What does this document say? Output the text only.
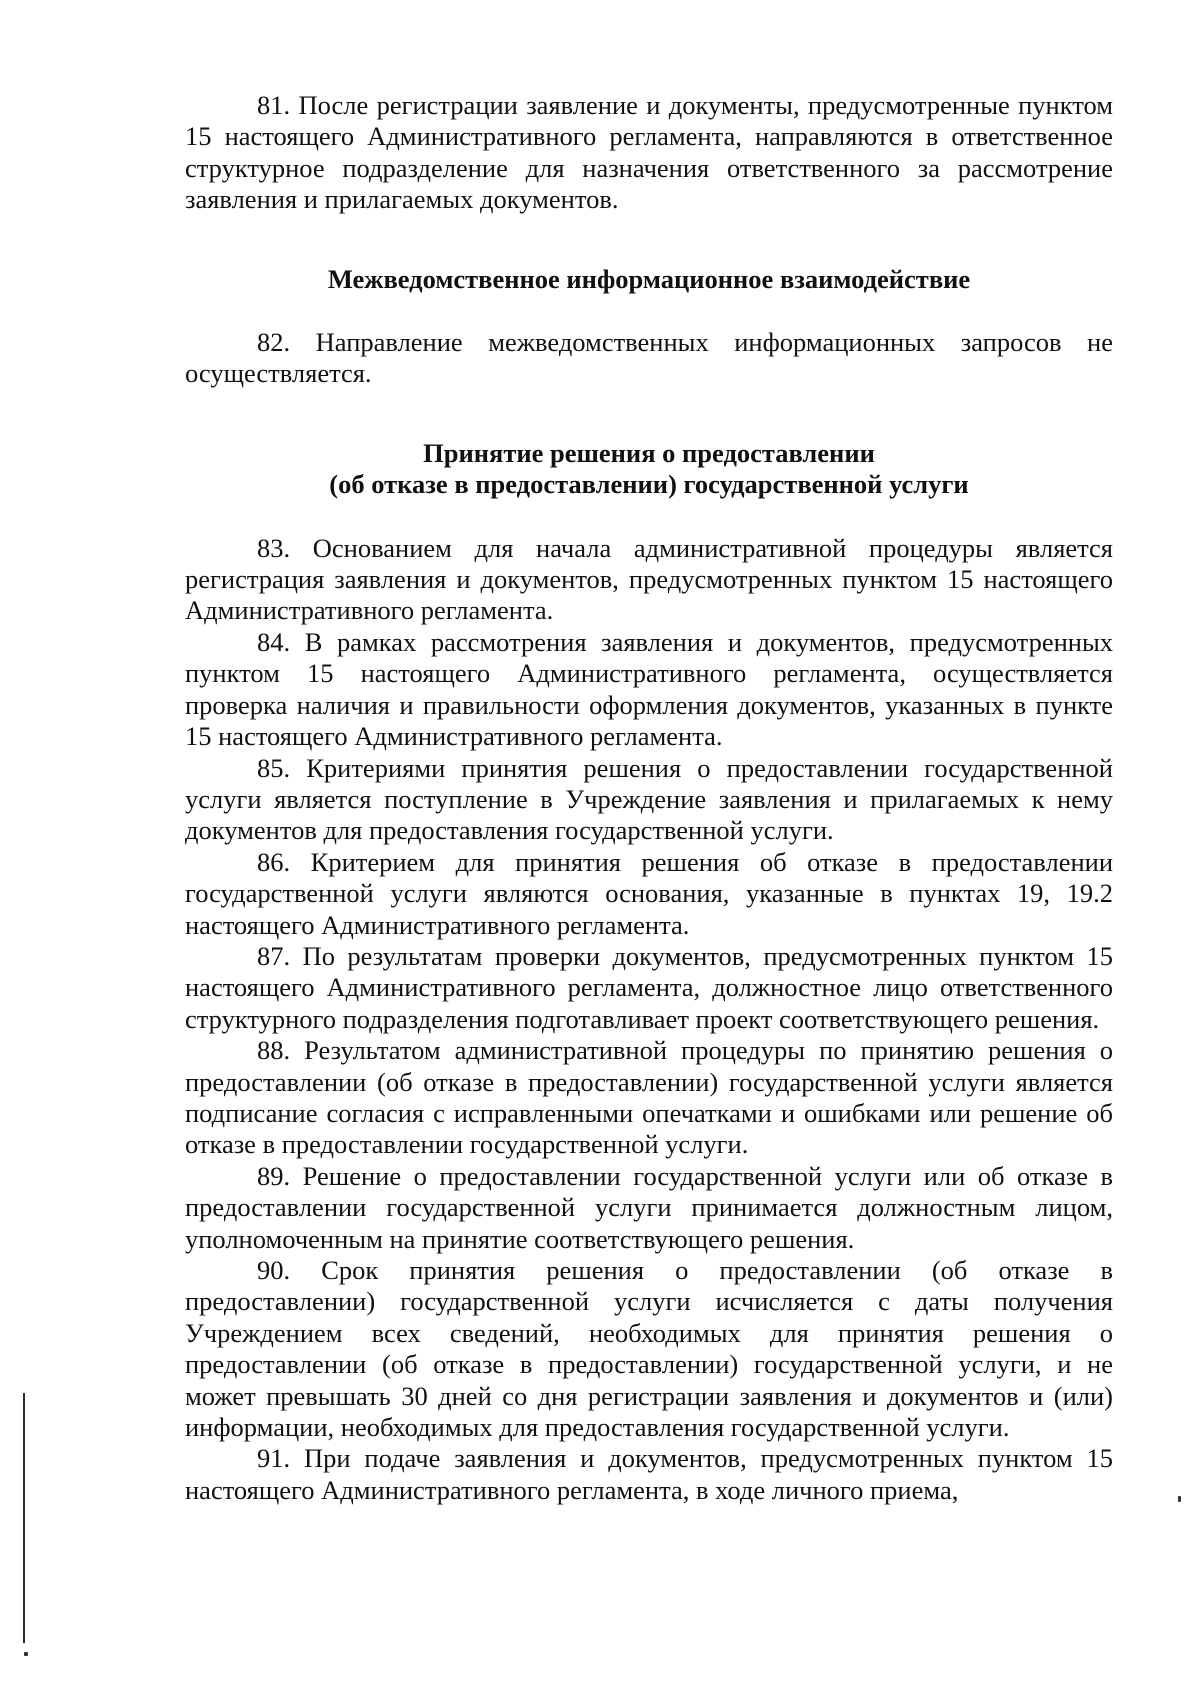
81. После регистрации заявление и документы, предусмотренные пунктом 15 настоящего Административного регламента, направляются в ответственное структурное подразделение для назначения ответственного за рассмотрение заявления и прилагаемых документов.

Межведомственное информационное взаимодействие

82. Направление межведомственных информационных запросов не осуществляется.

Принятие решения о предоставлении

(об отказе в предоставлении) государственной услуги

83. Основанием для начала административной процедуры является регистрация заявления и документов, предусмотренных пунктом 15 настоящего Административного регламента.

84. В рамках рассмотрения заявления и документов, предусмотренных пунктом 15 настоящего Административного регламента, осуществляется проверка наличия и правильности оформления документов, указанных в пункте 15 настоящего Административного регламента.

85. Критериями принятия решения о предоставлении государственной услуги является поступление в Учреждение заявления и прилагаемых к нему документов для предоставления государственной услуги.

86. Критерием для принятия решения об отказе в предоставлении государственной услуги являются основания, указанные в пунктах 19, 19.2 настоящего Административного регламента.

87. По результатам проверки документов, предусмотренных пунктом 15 настоящего Административного регламента, должностное лицо ответственного структурного подразделения подготавливает проект соответствующего решения.

88. Результатом административной процедуры по принятию решения о предоставлении (об отказе в предоставлении) государственной услуги является подписание согласия с исправленными опечатками и ошибками или решение об отказе в предоставлении государственной услуги.

89. Решение о предоставлении государственной услуги или об отказе в предоставлении государственной услуги принимается должностным лицом, уполномоченным на принятие соответствующего решения.

90. Срок принятия решения о предоставлении (об отказе в предоставлении) государственной услуги исчисляется с даты получения Учреждением всех сведений, необходимых для принятия решения о предоставлении (об отказе в предоставлении) государственной услуги, и не может превышать 30 дней со дня регистрации заявления и документов и (или) информации, необходимых для предоставления государственной услуги.

91. При подаче заявления и документов, предусмотренных пунктом 15 настоящего Административного регламента, в ходе личного приема,
